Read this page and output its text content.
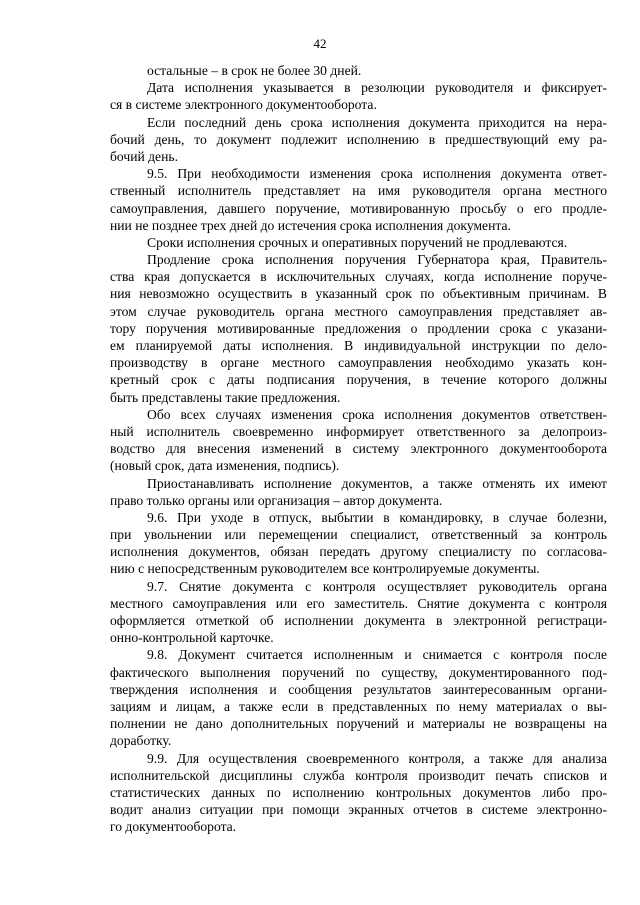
42
остальные – в срок не более 30 дней.
Дата исполнения указывается в резолюции руководителя и фиксирует-
ся в системе электронного документооборота.
Если последний день срока исполнения документа приходится на нера-
бочий день, то документ подлежит исполнению в предшествующий ему ра-
бочий день.
9.5. При необходимости изменения срока исполнения документа ответ-
ственный исполнитель представляет на имя руководителя органа местного
самоуправления, давшего поручение, мотивированную просьбу о его продле-
нии не позднее трех дней до истечения срока исполнения документа.
Сроки исполнения срочных и оперативных поручений не продлеваются.
Продление срока исполнения поручения Губернатора края, Правитель-
ства края допускается в исключительных случаях, когда исполнение поруче-
ния невозможно осуществить в указанный срок по объективным причинам. В
этом случае руководитель органа местного самоуправления представляет ав-
тору поручения мотивированные предложения о продлении срока с указани-
ем планируемой даты исполнения. В индивидуальной инструкции по дело-
производству в органе местного самоуправления необходимо указать кон-
кретный срок с даты подписания поручения, в течение которого должны
быть представлены такие предложения.
Обо всех случаях изменения срока исполнения документов ответствен-
ный исполнитель своевременно информирует ответственного за делопроиз-
водство для внесения изменений в систему электронного документооборота
(новый срок, дата изменения, подпись).
Приостанавливать исполнение документов, а также отменять их имеют
право только органы или организация – автор документа.
9.6. При уходе в отпуск, выбытии в командировку, в случае болезни,
при увольнении или перемещении специалист, ответственный за контроль
исполнения документов, обязан передать другому специалисту по согласова-
нию с непосредственным руководителем все контролируемые документы.
9.7. Снятие документа с контроля осуществляет руководитель органа
местного самоуправления или его заместитель. Снятие документа с контроля
оформляется отметкой об исполнении документа в электронной регистраци-
онно-контрольной карточке.
9.8. Документ считается исполненным и снимается с контроля после
фактического выполнения поручений по существу, документированного под-
тверждения исполнения и сообщения результатов заинтересованным органи-
зациям и лицам, а также если в представленных по нему материалах о вы-
полнении не дано дополнительных поручений и материалы не возвращены на
доработку.
9.9. Для осуществления своевременного контроля, а также для анализа
исполнительской дисциплины служба контроля производит печать списков и
статистических данных по исполнению контрольных документов либо про-
водит анализ ситуации при помощи экранных отчетов в системе электронно-
го документооборота.
